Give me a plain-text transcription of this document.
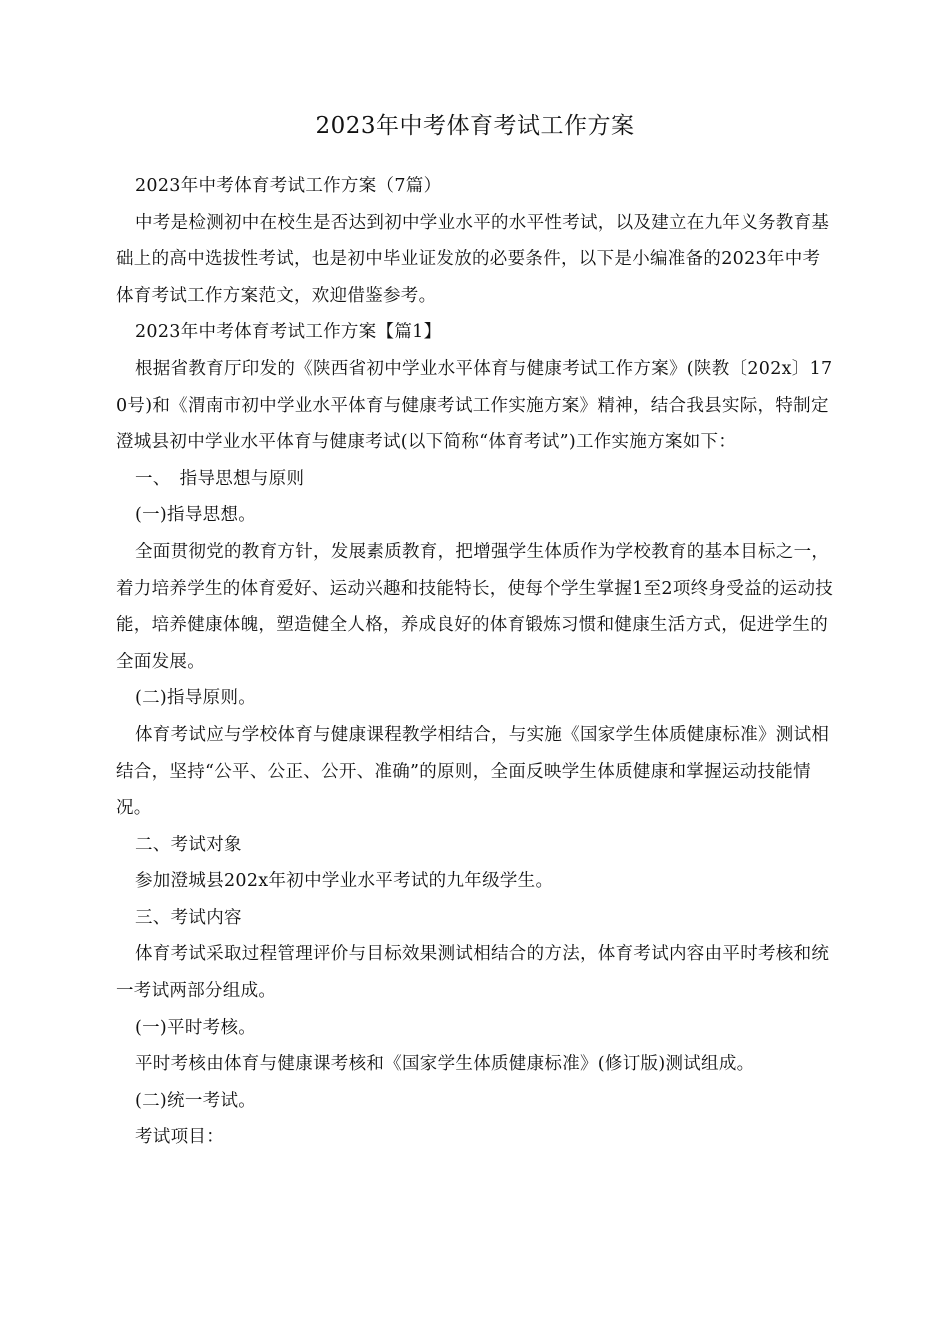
2023年中考体育考试工作方案

2023年中考体育考试工作方案（7篇）

中考是检测初中在校生是否达到初中学业水平的水平性考试，以及建立在九年义务教育基础上的高中选拔性考试，也是初中毕业证发放的必要条件，以下是小编准备的2023年中考体育考试工作方案范文，欢迎借鉴参考。

2023年中考体育考试工作方案【篇1】

根据省教育厅印发的《陕西省初中学业水平体育与健康考试工作方案》(陕教〔202x〕170号)和《渭南市初中学业水平体育与健康考试工作实施方案》精神，结合我县实际，特制定澄城县初中学业水平体育与健康考试(以下简称“体育考试”)工作实施方案如下：

一、　指导思想与原则

(一)指导思想。

全面贯彻党的教育方针，发展素质教育，把增强学生体质作为学校教育的基本目标之一，着力培养学生的体育爱好、运动兴趣和技能特长，使每个学生掌握1至2项终身受益的运动技能，培养健康体魄，塑造健全人格，养成良好的体育锻炼习惯和健康生活方式，促进学生的全面发展。

(二)指导原则。

体育考试应与学校体育与健康课程教学相结合，与实施《国家学生体质健康标准》测试相结合，坚持“公平、公正、公开、准确”的原则，全面反映学生体质健康和掌握运动技能情况。

二、考试对象

参加澄城县202x年初中学业水平考试的九年级学生。

三、考试内容

体育考试采取过程管理评价与目标效果测试相结合的方法，体育考试内容由平时考核和统一考试两部分组成。

(一)平时考核。

平时考核由体育与健康课考核和《国家学生体质健康标准》(修订版)测试组成。

(二)统一考试。

考试项目：
